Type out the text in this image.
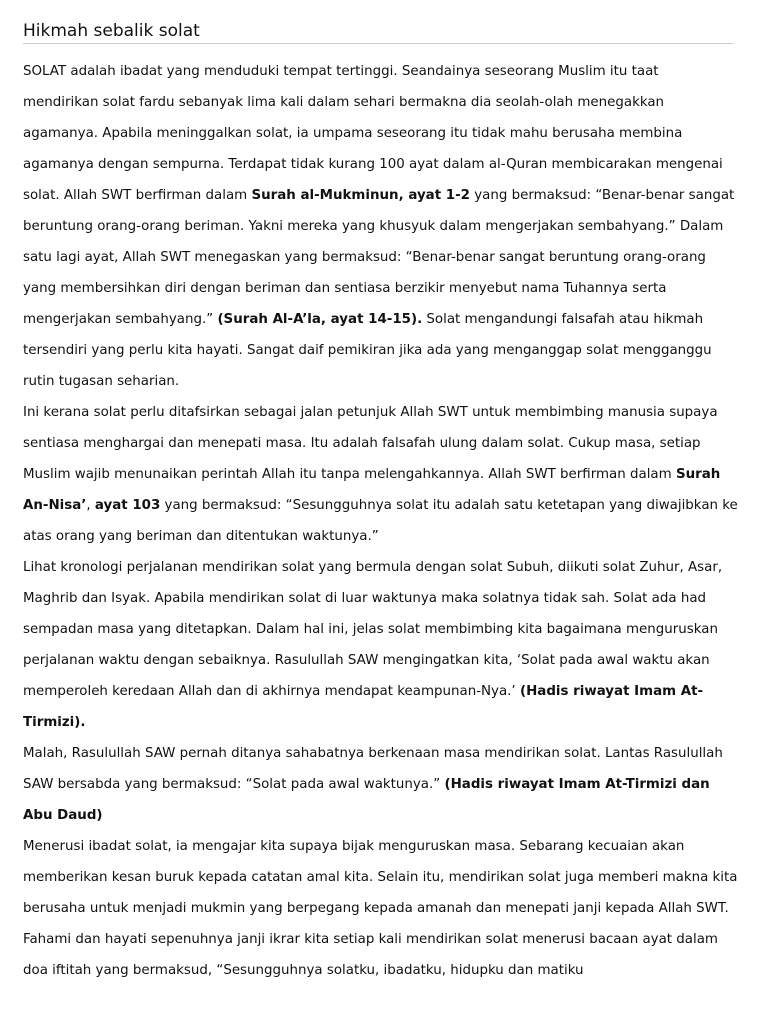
Hikmah sebalik solat

SOLAT adalah ibadat yang menduduki tempat tertinggi. Seandainya seseorang Muslim itu taat mendirikan solat fardu sebanyak lima kali dalam sehari bermakna dia seolah-olah menegakkan agamanya. Apabila meninggalkan solat, ia umpama seseorang itu tidak mahu berusaha membina agamanya dengan sempurna. Terdapat tidak kurang 100 ayat dalam al-Quran membicarakan mengenai solat. Allah SWT berfirman dalam Surah al-Mukminun, ayat 1-2 yang bermaksud: “Benar-benar sangat beruntung orang-orang beriman. Yakni mereka yang khusyuk dalam mengerjakan sembahyang.” Dalam satu lagi ayat, Allah SWT menegaskan yang bermaksud: “Benar-benar sangat beruntung orang-orang yang membersihkan diri dengan beriman dan sentiasa berzikir menyebut nama Tuhannya serta mengerjakan sembahyang.” (Surah Al-A’la, ayat 14-15). Solat mengandungi falsafah atau hikmah tersendiri yang perlu kita hayati. Sangat daif pemikiran jika ada yang menganggap solat mengganggu rutin tugasan seharian.

Ini kerana solat perlu ditafsirkan sebagai jalan petunjuk Allah SWT untuk membimbing manusia supaya sentiasa menghargai dan menepati masa. Itu adalah falsafah ulung dalam solat. Cukup masa, setiap Muslim wajib menunaikan perintah Allah itu tanpa melengahkannya. Allah SWT berfirman dalam Surah An-Nisa’, ayat 103 yang bermaksud: “Sesungguhnya solat itu adalah satu ketetapan yang diwajibkan ke atas orang yang beriman dan ditentukan waktunya.”

Lihat kronologi perjalanan mendirikan solat yang bermula dengan solat Subuh, diikuti solat Zuhur, Asar, Maghrib dan Isyak. Apabila mendirikan solat di luar waktunya maka solatnya tidak sah. Solat ada had sempadan masa yang ditetapkan. Dalam hal ini, jelas solat membimbing kita bagaimana menguruskan perjalanan waktu dengan sebaiknya. Rasulullah SAW mengingatkan kita, ‘Solat pada awal waktu akan memperoleh keredaan Allah dan di akhirnya mendapat keampunan-Nya.’ (Hadis riwayat Imam At-Tirmizi).

Malah, Rasulullah SAW pernah ditanya sahabatnya berkenaan masa mendirikan solat. Lantas Rasulullah SAW bersabda yang bermaksud: “Solat pada awal waktunya.” (Hadis riwayat Imam At-Tirmizi dan Abu Daud)

Menerusi ibadat solat, ia mengajar kita supaya bijak menguruskan masa. Sebarang kecuaian akan memberikan kesan buruk kepada catatan amal kita. Selain itu, mendirikan solat juga memberi makna kita berusaha untuk menjadi mukmin yang berpegang kepada amanah dan menepati janji kepada Allah SWT.

Fahami dan hayati sepenuhnya janji ikrar kita setiap kali mendirikan solat menerusi bacaan ayat dalam doa iftitah yang bermaksud, “Sesungguhnya solatku, ibadatku, hidupku dan matiku
